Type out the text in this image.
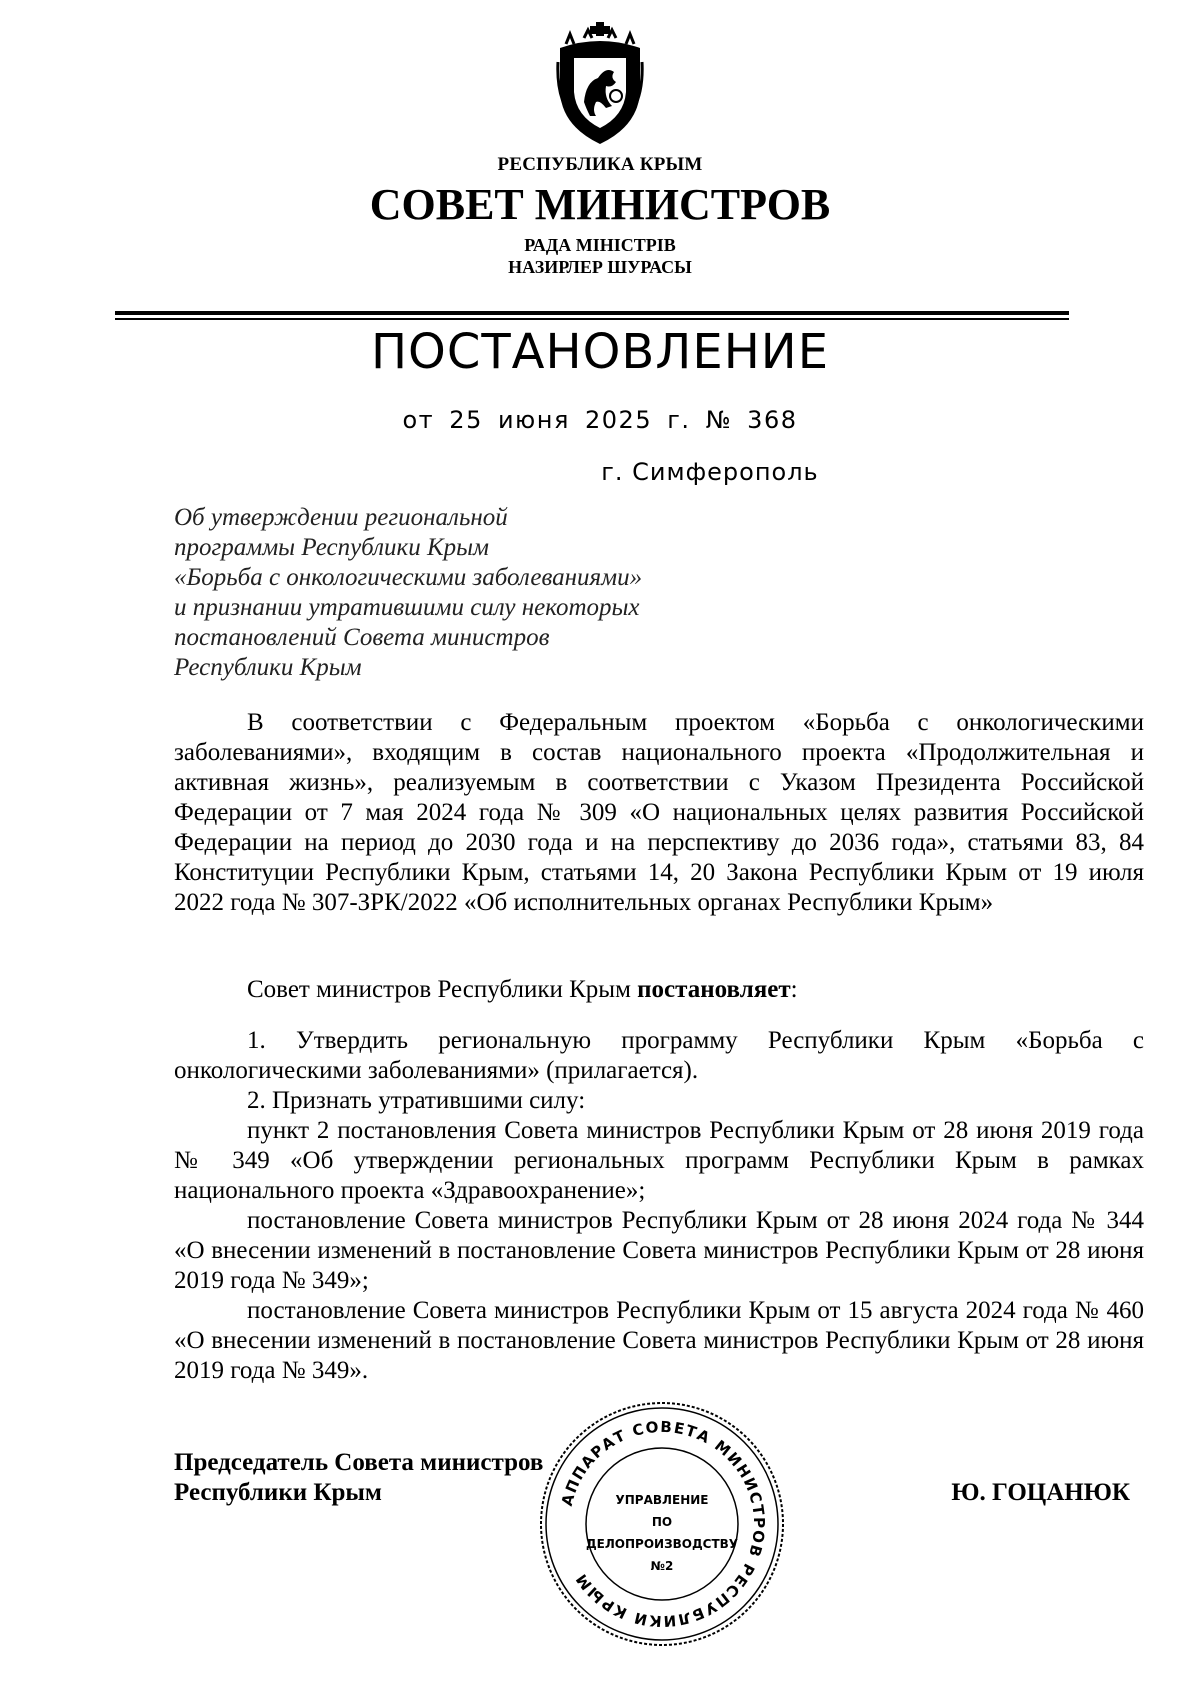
РЕСПУБЛИКА КРЫМ
СОВЕТ МИНИСТРОВ
РАДА МІНІСТРІВ
НАЗИРЛЕР ШУРАСЫ
ПОСТАНОВЛЕНИЕ
от 25 июня 2025 г. № 368
г. Симферополь
Об утверждении региональной
программы Республики Крым
«Борьба с онкологическими заболеваниями»
и признании утратившими силу некоторых
постановлений Совета министров
Республики Крым

В соответствии с Федеральным проектом «Борьба с онкологическими заболеваниями», входящим в состав национального проекта «Продолжительная и активная жизнь», реализуемым в соответствии с Указом Президента Российской Федерации от 7 мая 2024 года № 309 «О национальных целях развития Российской Федерации на период до 2030 года и на перспективу до 2036 года», статьями 83, 84 Конституции Республики Крым, статьями 14, 20 Закона Республики Крым от 19 июля 2022 года № 307-ЗРК/2022 «Об исполнительных органах Республики Крым»

Совет министров Республики Крым постановляет:

1. Утвердить региональную программу Республики Крым «Борьба с онкологическими заболеваниями» (прилагается).

2. Признать утратившими силу:

пункт 2 постановления Совета министров Республики Крым от 28 июня 2019 года № 349 «Об утверждении региональных программ Республики Крым в рамках национального проекта «Здравоохранение»;

постановление Совета министров Республики Крым от 28 июня 2024 года № 344 «О внесении изменений в постановление Совета министров Республики Крым от 28 июня 2019 года № 349»;

постановление Совета министров Республики Крым от 15 августа 2024 года № 460 «О внесении изменений в постановление Совета министров Республики Крым от 28 июня 2019 года № 349».

Председатель Совета министров
Республики Крым	Ю. ГОЦАНЮК
АППАРАТ СОВЕТА МИНИСТРОВ РЕСПУБЛИКИ КРЫМ
УПРАВЛЕНИЕ
ПО
ДЕЛОПРОИЗВОДСТВУ
№2
